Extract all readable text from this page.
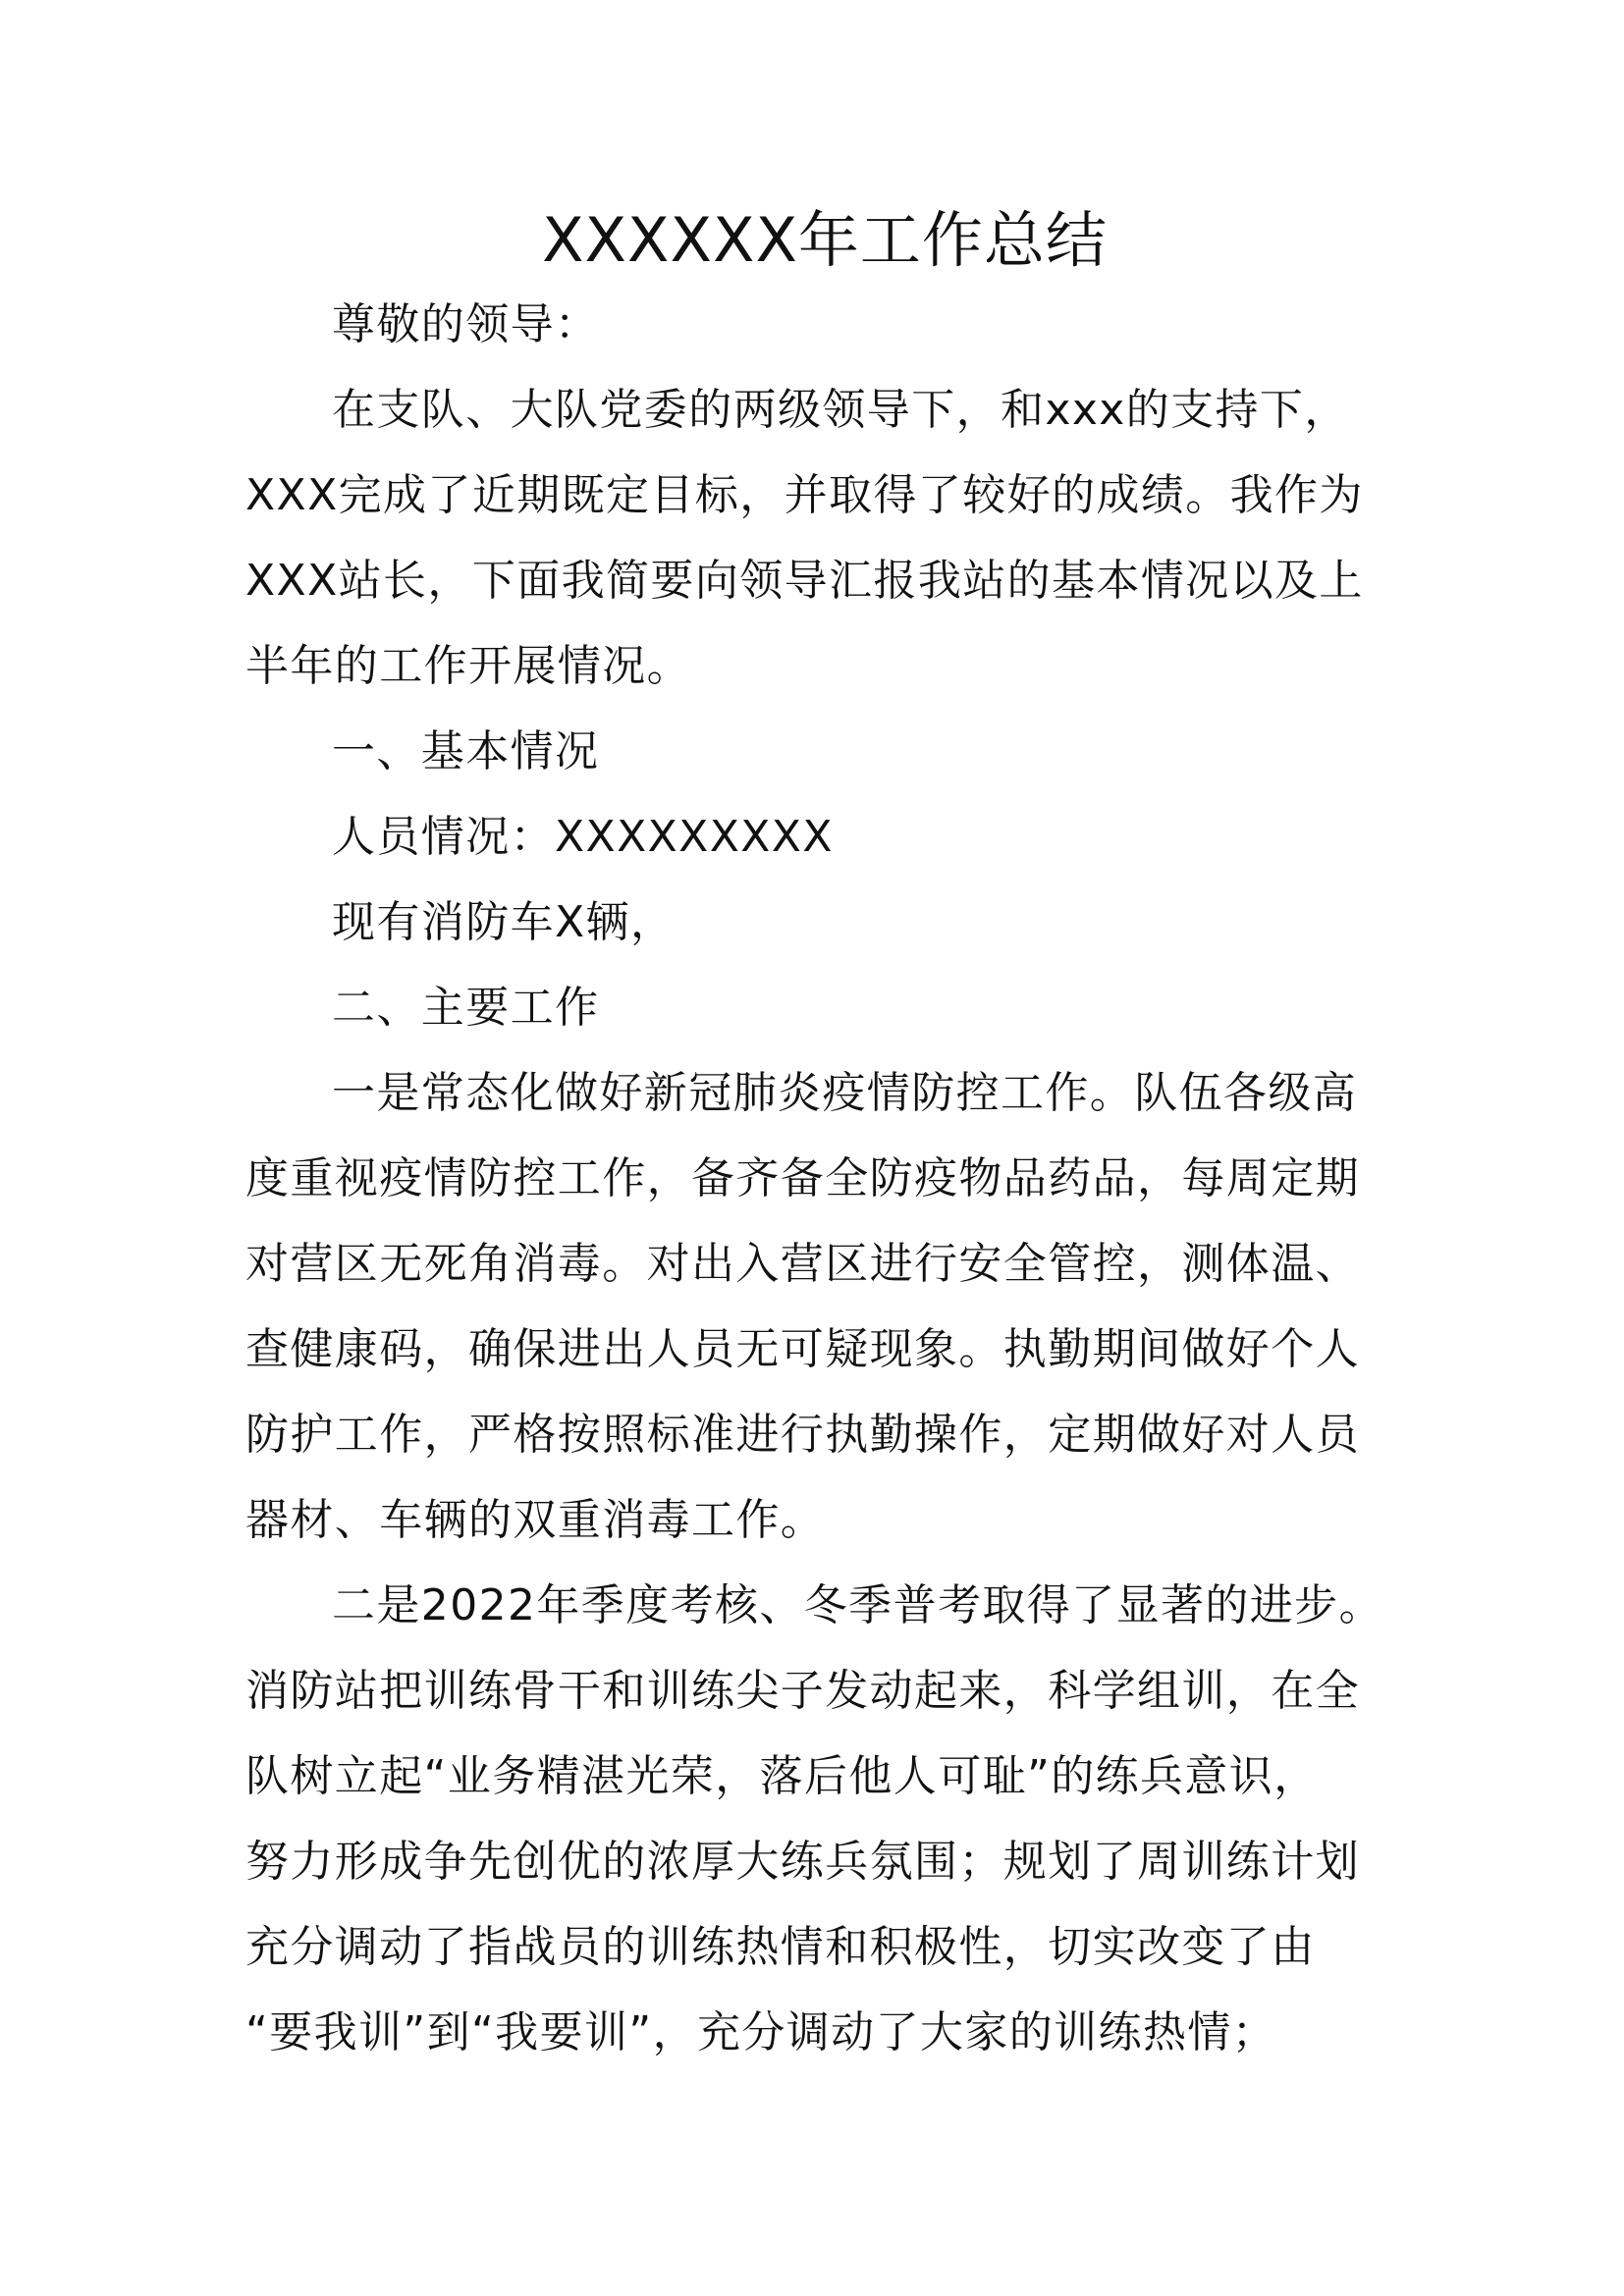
XXXXXX年工作总结
尊敬的领导：
在支队、大队党委的两级领导下，和xxx的支持下，
XXX完成了近期既定目标，并取得了较好的成绩。我作为
XXX站长，下面我简要向领导汇报我站的基本情况以及上
半年的工作开展情况。
一、基本情况
人员情况：XXXXXXXXX
现有消防车X辆，
二、主要工作
一是常态化做好新冠肺炎疫情防控工作。队伍各级高
度重视疫情防控工作，备齐备全防疫物品药品，每周定期
对营区无死角消毒。对出入营区进行安全管控，测体温、
查健康码，确保进出人员无可疑现象。执勤期间做好个人
防护工作，严格按照标准进行执勤操作，定期做好对人员
器材、车辆的双重消毒工作。
二是2022年季度考核、冬季普考取得了显著的进步。
消防站把训练骨干和训练尖子发动起来，科学组训，在全
队树立起“业务精湛光荣，落后他人可耻”的练兵意识，
努力形成争先创优的浓厚大练兵氛围；规划了周训练计划
充分调动了指战员的训练热情和积极性，切实改变了由
“要我训”到“我要训”，充分调动了大家的训练热情；
